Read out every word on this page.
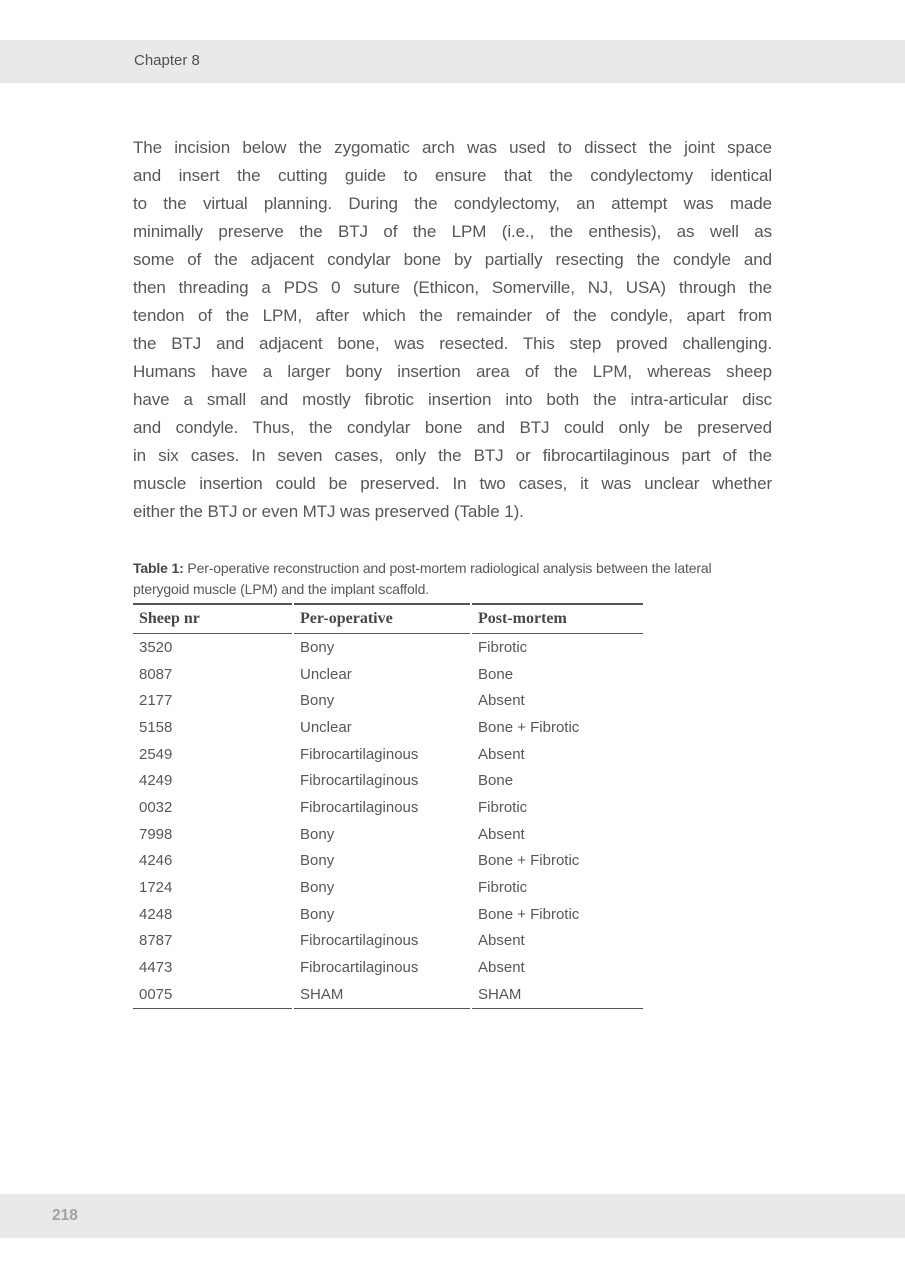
Chapter 8
The incision below the zygomatic arch was used to dissect the joint space
and insert the cutting guide to ensure that the condylectomy identical
to the virtual planning. During the condylectomy, an attempt was made
minimally preserve the BTJ of the LPM (i.e., the enthesis), as well as
some of the adjacent condylar bone by partially resecting the condyle and
then threading a PDS 0 suture (Ethicon, Somerville, NJ, USA) through the
tendon of the LPM, after which the remainder of the condyle, apart from
the BTJ and adjacent bone, was resected. This step proved challenging.
Humans have a larger bony insertion area of the LPM, whereas sheep
have a small and mostly fibrotic insertion into both the intra-articular disc
and condyle. Thus, the condylar bone and BTJ could only be preserved
in six cases. In seven cases, only the BTJ or fibrocartilaginous part of the
muscle insertion could be preserved. In two cases, it was unclear whether
either the BTJ or even MTJ was preserved (Table 1).
Table 1: Per-operative reconstruction and post-mortem radiological analysis between the lateral
pterygoid muscle (LPM) and the implant scaffold.
Sheep nr	Per-operative	Post-mortem
3520	Bony	Fibrotic
8087	Unclear	Bone
2177	Bony	Absent
5158	Unclear	Bone + Fibrotic
2549	Fibrocartilaginous	Absent
4249	Fibrocartilaginous	Bone
0032	Fibrocartilaginous	Fibrotic
7998	Bony	Absent
4246	Bony	Bone + Fibrotic
1724	Bony	Fibrotic
4248	Bony	Bone + Fibrotic
8787	Fibrocartilaginous	Absent
4473	Fibrocartilaginous	Absent
0075	SHAM	SHAM
218
